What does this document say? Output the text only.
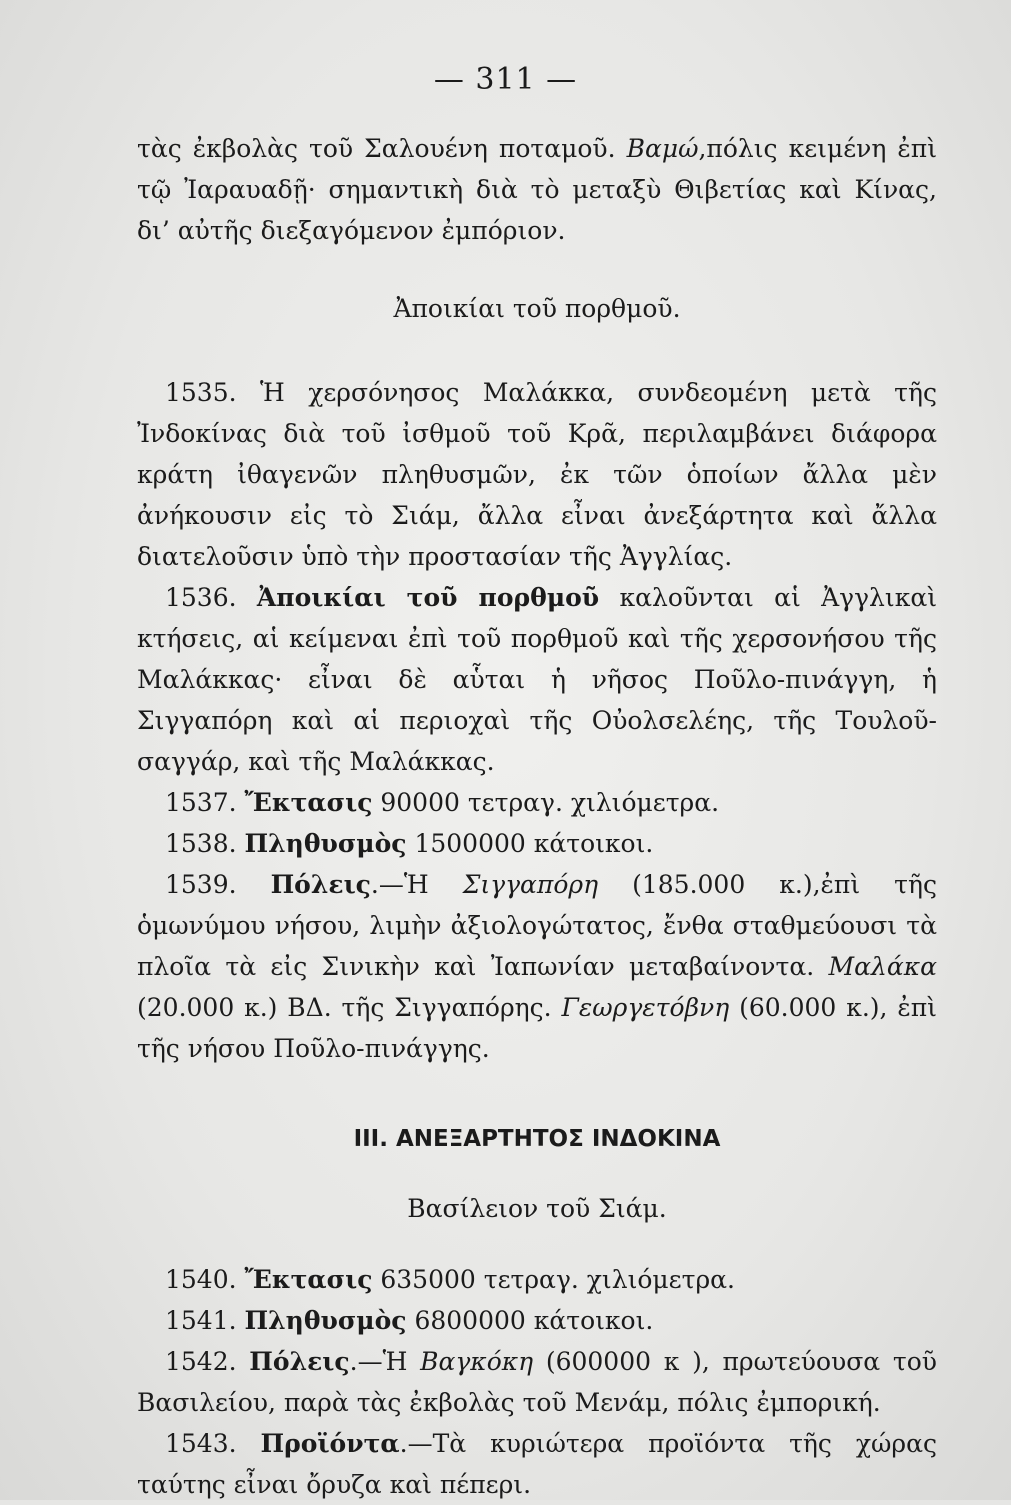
— 311 —

τὰς ἐκβολὰς τοῦ Σαλουένη ποταμοῦ. Βαμώ,πόλις κειμένη ἐπὶ τῷ Ἰαραυαδῇ· σημαντικὴ διὰ τὸ μεταξὺ Θιβετίας καὶ Κίνας, δι’ αὐτῆς διεξαγόμενον ἐμπόριον.

Ἀποικίαι τοῦ πορθμοῦ.

1535. Ἡ χερσόνησος Μαλάκκα, συνδεομένη μετὰ τῆς Ἰνδοκίνας διὰ τοῦ ἰσθμοῦ τοῦ Κρᾶ, περιλαμβάνει διάφορα κράτη ἰθαγενῶν πληθυσμῶν, ἐκ τῶν ὁποίων ἄλλα μὲν ἀνήκουσιν εἰς τὸ Σιάμ, ἄλλα εἶναι ἀνεξάρτητα καὶ ἄλλα διατελοῦσιν ὑπὸ τὴν προστασίαν τῆς Ἀγγλίας.

1536. Ἀποικίαι τοῦ πορθμοῦ καλοῦνται αἱ Ἀγγλικαὶ κτήσεις, αἱ κείμεναι ἐπὶ τοῦ πορθμοῦ καὶ τῆς χερσονήσου τῆς Μαλάκκας· εἶναι δὲ αὗται ἡ νῆσος Ποῦλο-πινάγγη, ἡ Σιγγαπόρη καὶ αἱ περιοχαὶ τῆς Οὐολσελέης, τῆς Τουλοῦ-σαγγάρ, καὶ τῆς Μαλάκκας.

1537. Ἔκτασις 90000 τετραγ. χιλιόμετρα.

1538. Πληθυσμὸς 1500000 κάτοικοι.

1539. Πόλεις.—Ἡ Σιγγαπόρη (185.000 κ.),ἐπὶ τῆς ὁμωνύμου νήσου, λιμὴν ἀξιολογώτατος, ἔνθα σταθμεύουσι τὰ πλοῖα τὰ εἰς Σινικὴν καὶ Ἰαπωνίαν μεταβαίνοντα. Μαλάκα (20.000 κ.) ΒΔ. τῆς Σιγγαπόρης. Γεωργετόβνη (60.000 κ.), ἐπὶ τῆς νήσου Ποῦλο-πινάγγης.

ΙΙΙ. ΑΝΕΞΑΡΤΗΤΟΣ ΙΝΔΟΚΙΝΑ

Βασίλειον τοῦ Σιάμ.

1540. Ἔκτασις 635000 τετραγ. χιλιόμετρα.

1541. Πληθυσμὸς 6800000 κάτοικοι.

1542. Πόλεις.—Ἡ Βαγκόκη (600000 κ ), πρωτεύουσα τοῦ Βασιλείου, παρὰ τὰς ἐκβολὰς τοῦ Μενάμ, πόλις ἐμπορική.

1543. Προϊόντα.—Τὰ κυριώτερα προϊόντα τῆς χώρας ταύτης εἶναι ὄρυζα καὶ πέπερι.
